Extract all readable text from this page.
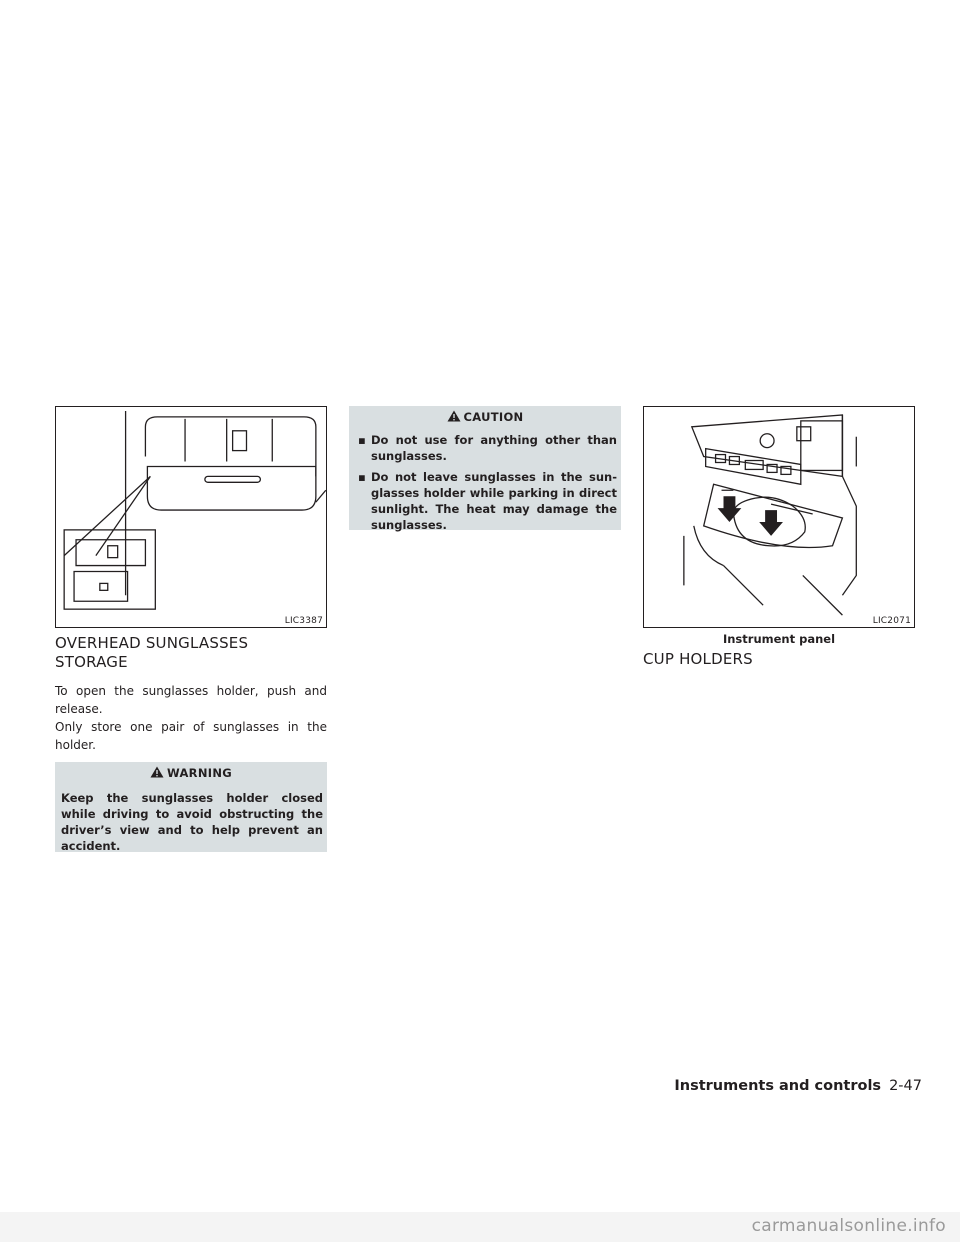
LIC3387
OVERHEAD SUNGLASSES
STORAGE

To open the sunglasses holder, push and release.

Only store one pair of sunglasses in the holder.

WARNING
Keep the sunglasses holder closed while driving to avoid obstructing the driver’s view and to help prevent an accident.
CAUTION
▪ Do not use for anything other than sunglasses.
▪ Do not leave sunglasses in the sun-glasses holder while parking in direct sunlight. The heat may damage the sunglasses.
LIC2071
Instrument panel
CUP HOLDERS
Instruments and controls 2-47
carmanualsonline.info
